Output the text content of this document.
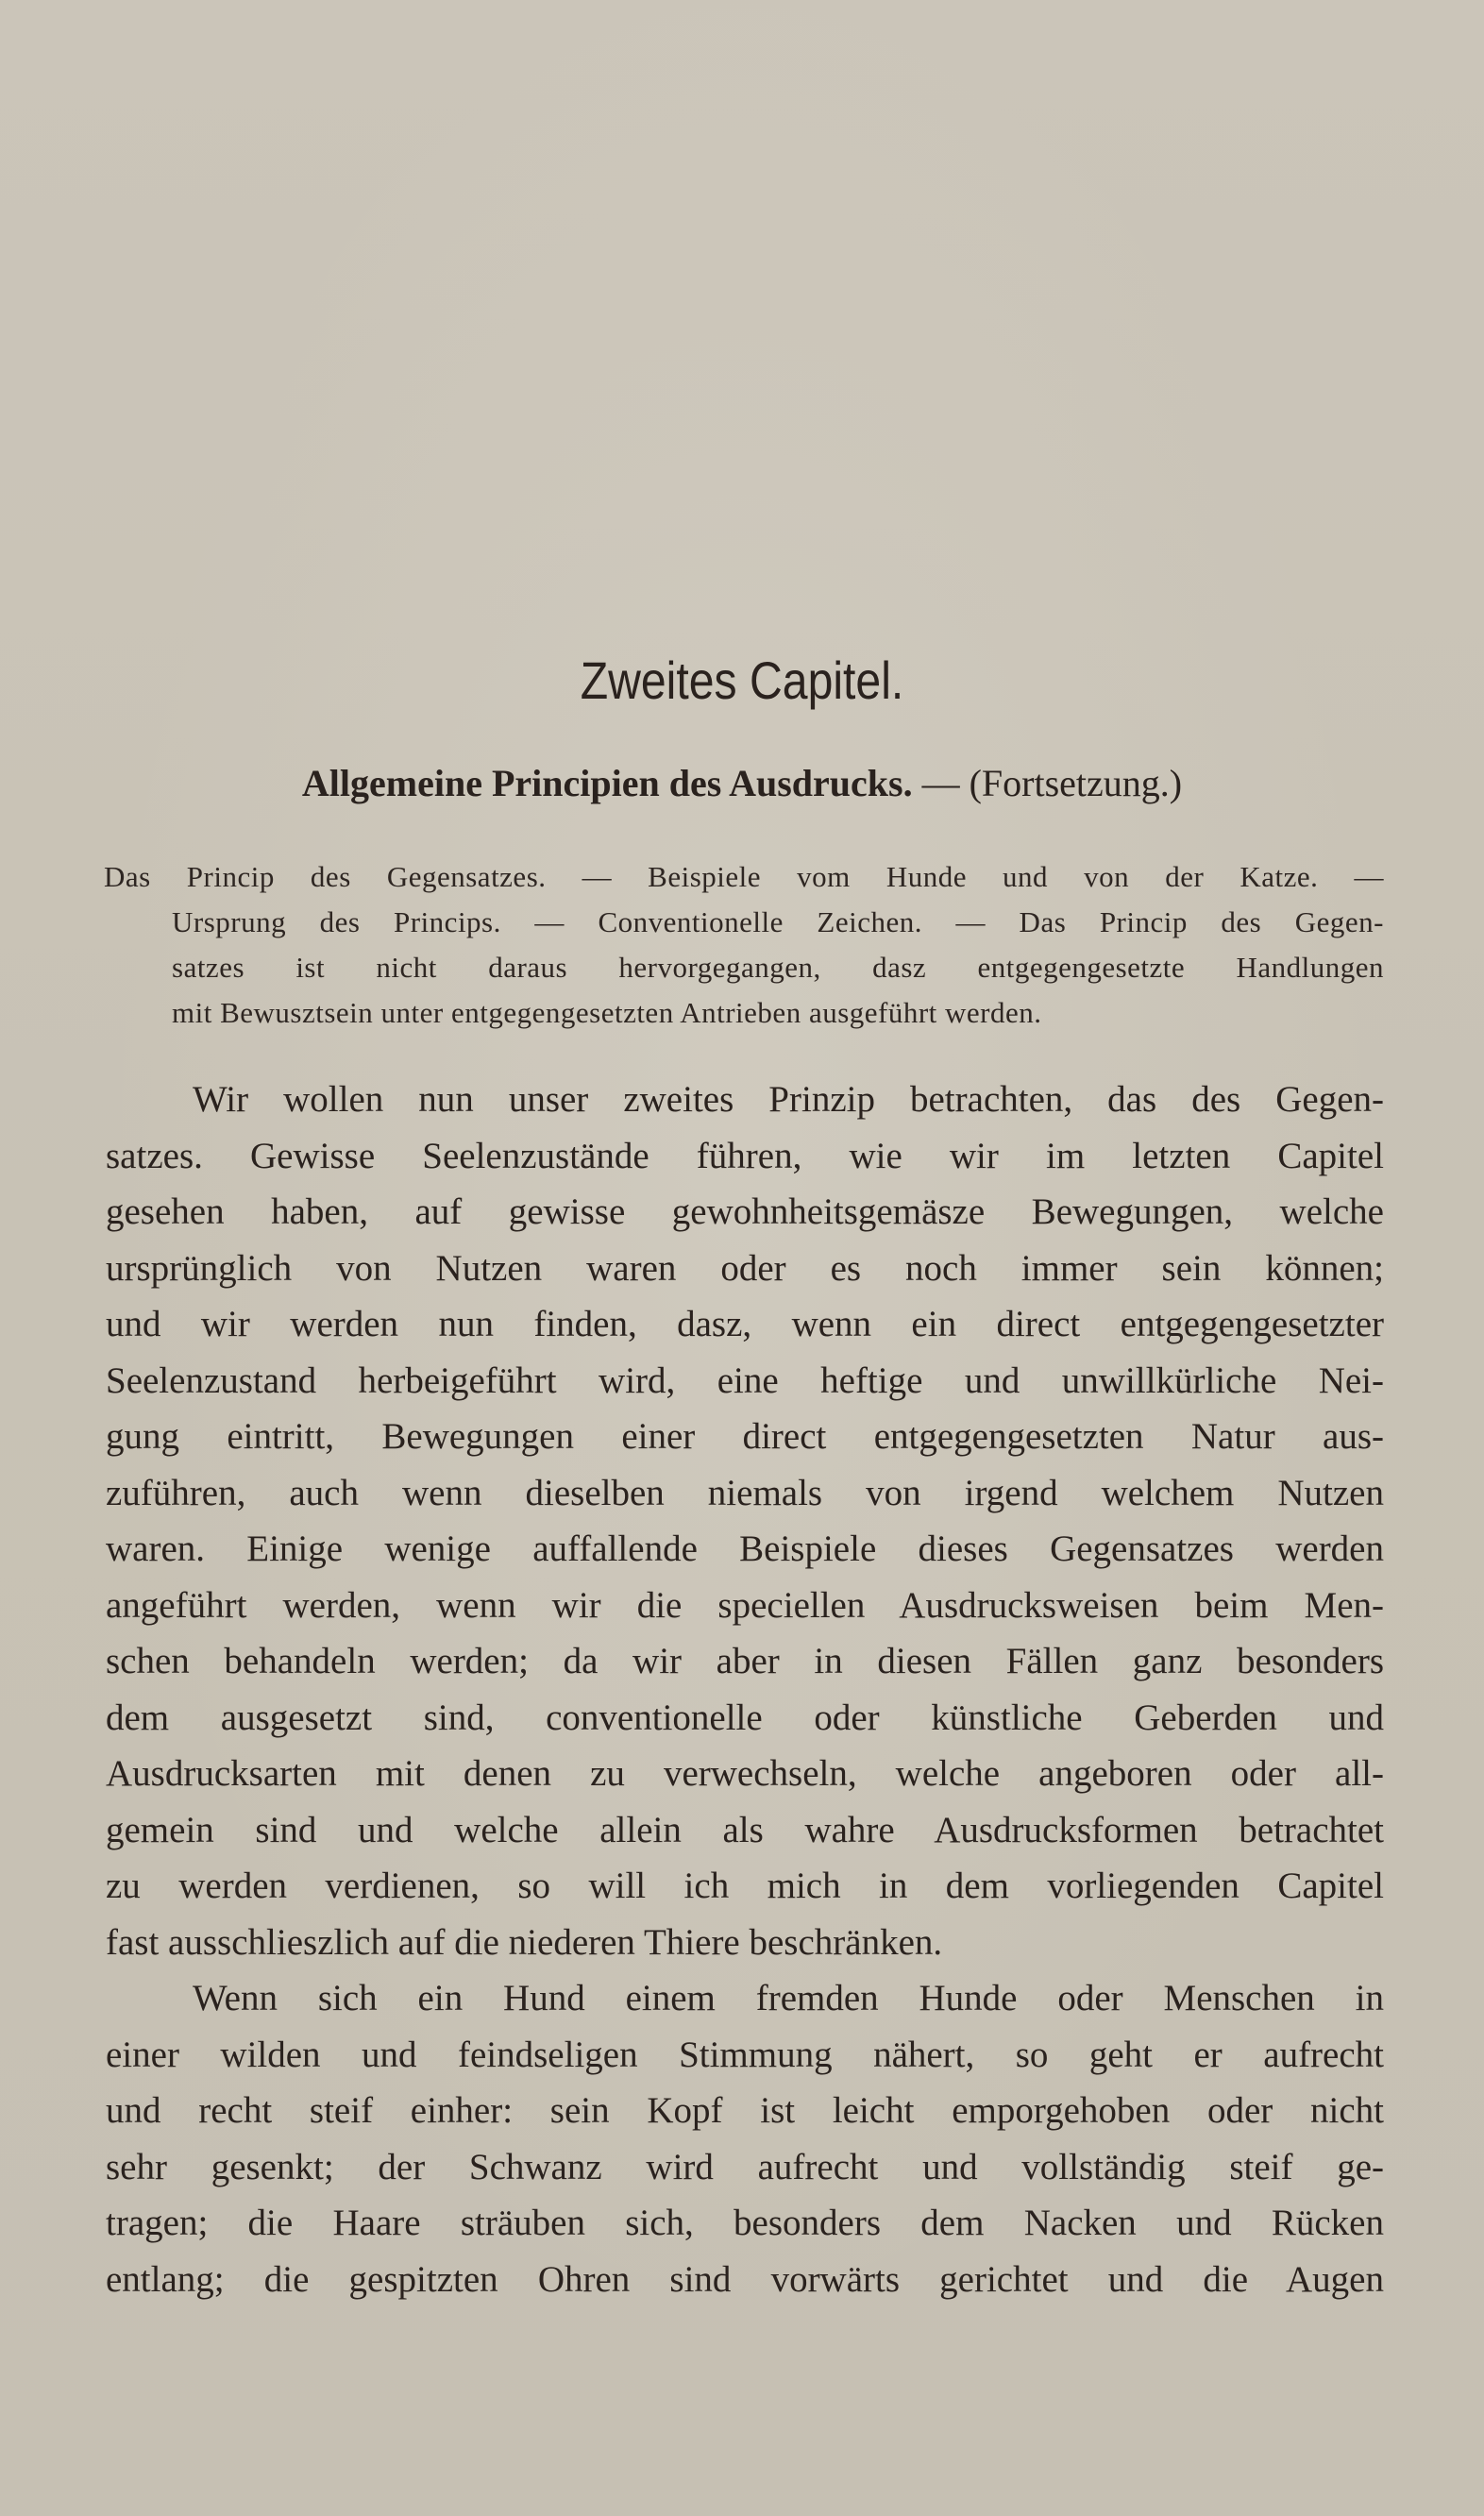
Zweites Capitel.
Allgemeine Principien des Ausdrucks. — (Fortsetzung.)
Das Princip des Gegensatzes. — Beispiele vom Hunde und von der Katze. —
Ursprung des Princips. — Conventionelle Zeichen. — Das Princip des Gegen-
satzes ist nicht daraus hervorgegangen, dasz entgegengesetzte Handlungen
mit Bewusztsein unter entgegengesetzten Antrieben ausgeführt werden.
Wir wollen nun unser zweites Prinzip betrachten, das des Gegen-
satzes. Gewisse Seelenzustände führen, wie wir im letzten Capitel
gesehen haben, auf gewisse gewohnheitsgemäsze Bewegungen, welche
ursprünglich von Nutzen waren oder es noch immer sein können;
und wir werden nun finden, dasz, wenn ein direct entgegengesetzter
Seelenzustand herbeigeführt wird, eine heftige und unwillkürliche Nei-
gung eintritt, Bewegungen einer direct entgegengesetzten Natur aus-
zuführen, auch wenn dieselben niemals von irgend welchem Nutzen
waren. Einige wenige auffallende Beispiele dieses Gegensatzes werden
angeführt werden, wenn wir die speciellen Ausdrucksweisen beim Men-
schen behandeln werden; da wir aber in diesen Fällen ganz besonders
dem ausgesetzt sind, conventionelle oder künstliche Geberden und
Ausdrucksarten mit denen zu verwechseln, welche angeboren oder all-
gemein sind und welche allein als wahre Ausdrucksformen betrachtet
zu werden verdienen, so will ich mich in dem vorliegenden Capitel
fast ausschlieszlich auf die niederen Thiere beschränken.
Wenn sich ein Hund einem fremden Hunde oder Menschen in
einer wilden und feindseligen Stimmung nähert, so geht er aufrecht
und recht steif einher: sein Kopf ist leicht emporgehoben oder nicht
sehr gesenkt; der Schwanz wird aufrecht und vollständig steif ge-
tragen; die Haare sträuben sich, besonders dem Nacken und Rücken
entlang; die gespitzten Ohren sind vorwärts gerichtet und die Augen
